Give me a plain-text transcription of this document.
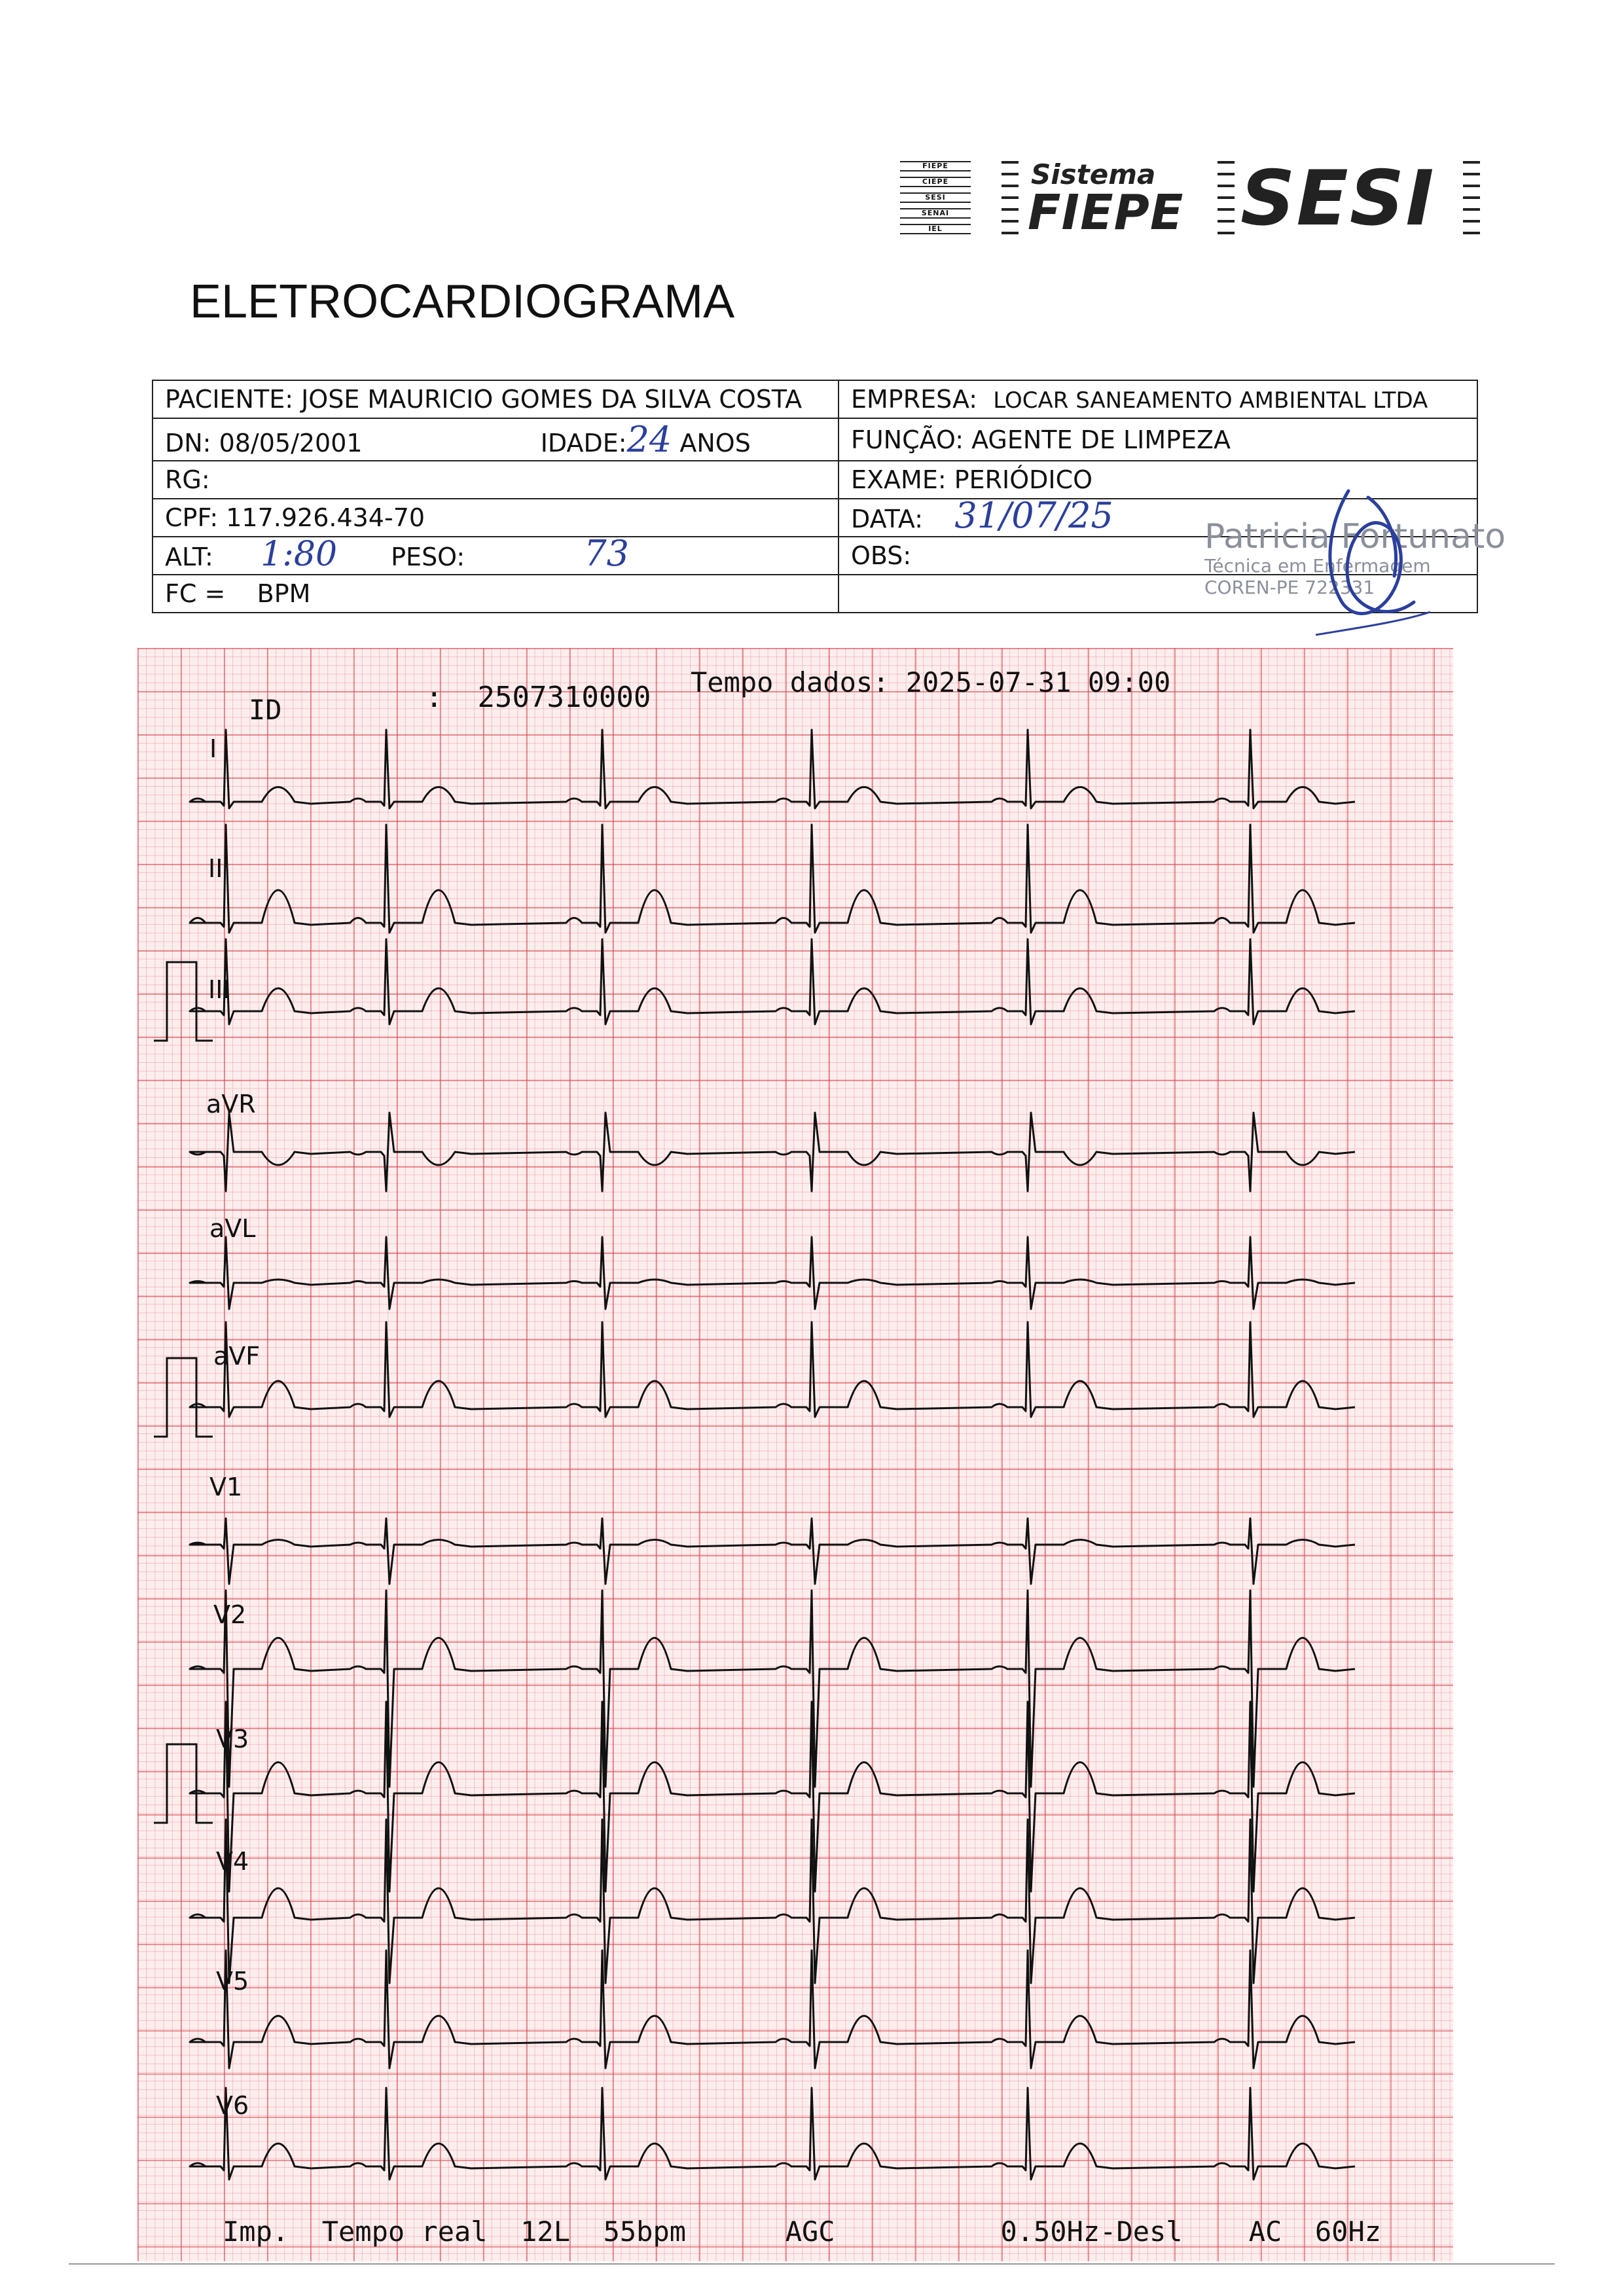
FIEPE
CIEPE
SESI
SENAI
IEL
Sistema
FIEPE SESI
ELETROCARDIOGRAMA
PACIENTE: JOSE MAURICIO GOMES DA SILVA COSTA	EMPRESA: LOCAR SANEAMENTO AMBIENTAL LTDA
DN: 08/05/2001 IDADE:24 ANOS	FUNÇÃO: AGENTE DE LIMPEZA
RG:	EXAME: PERIÓDICO
CPF: 117.926.434-70	DATA: 31/07/25
ALT: 1:80 PESO: 73	OBS:
FC = BPM	
Patricia Fortunato
Técnica em Enfermagem
COREN-PE 722331
ID	: 2507310000 Tempo dados: 2025-07-31 09:00
I
II
III
aVR
aVL
aVF
V1
V2
V3
V4
V5
V6
Imp.  Tempo real  12L  55bpm      AGC          0.50Hz-Desl    AC  60Hz
